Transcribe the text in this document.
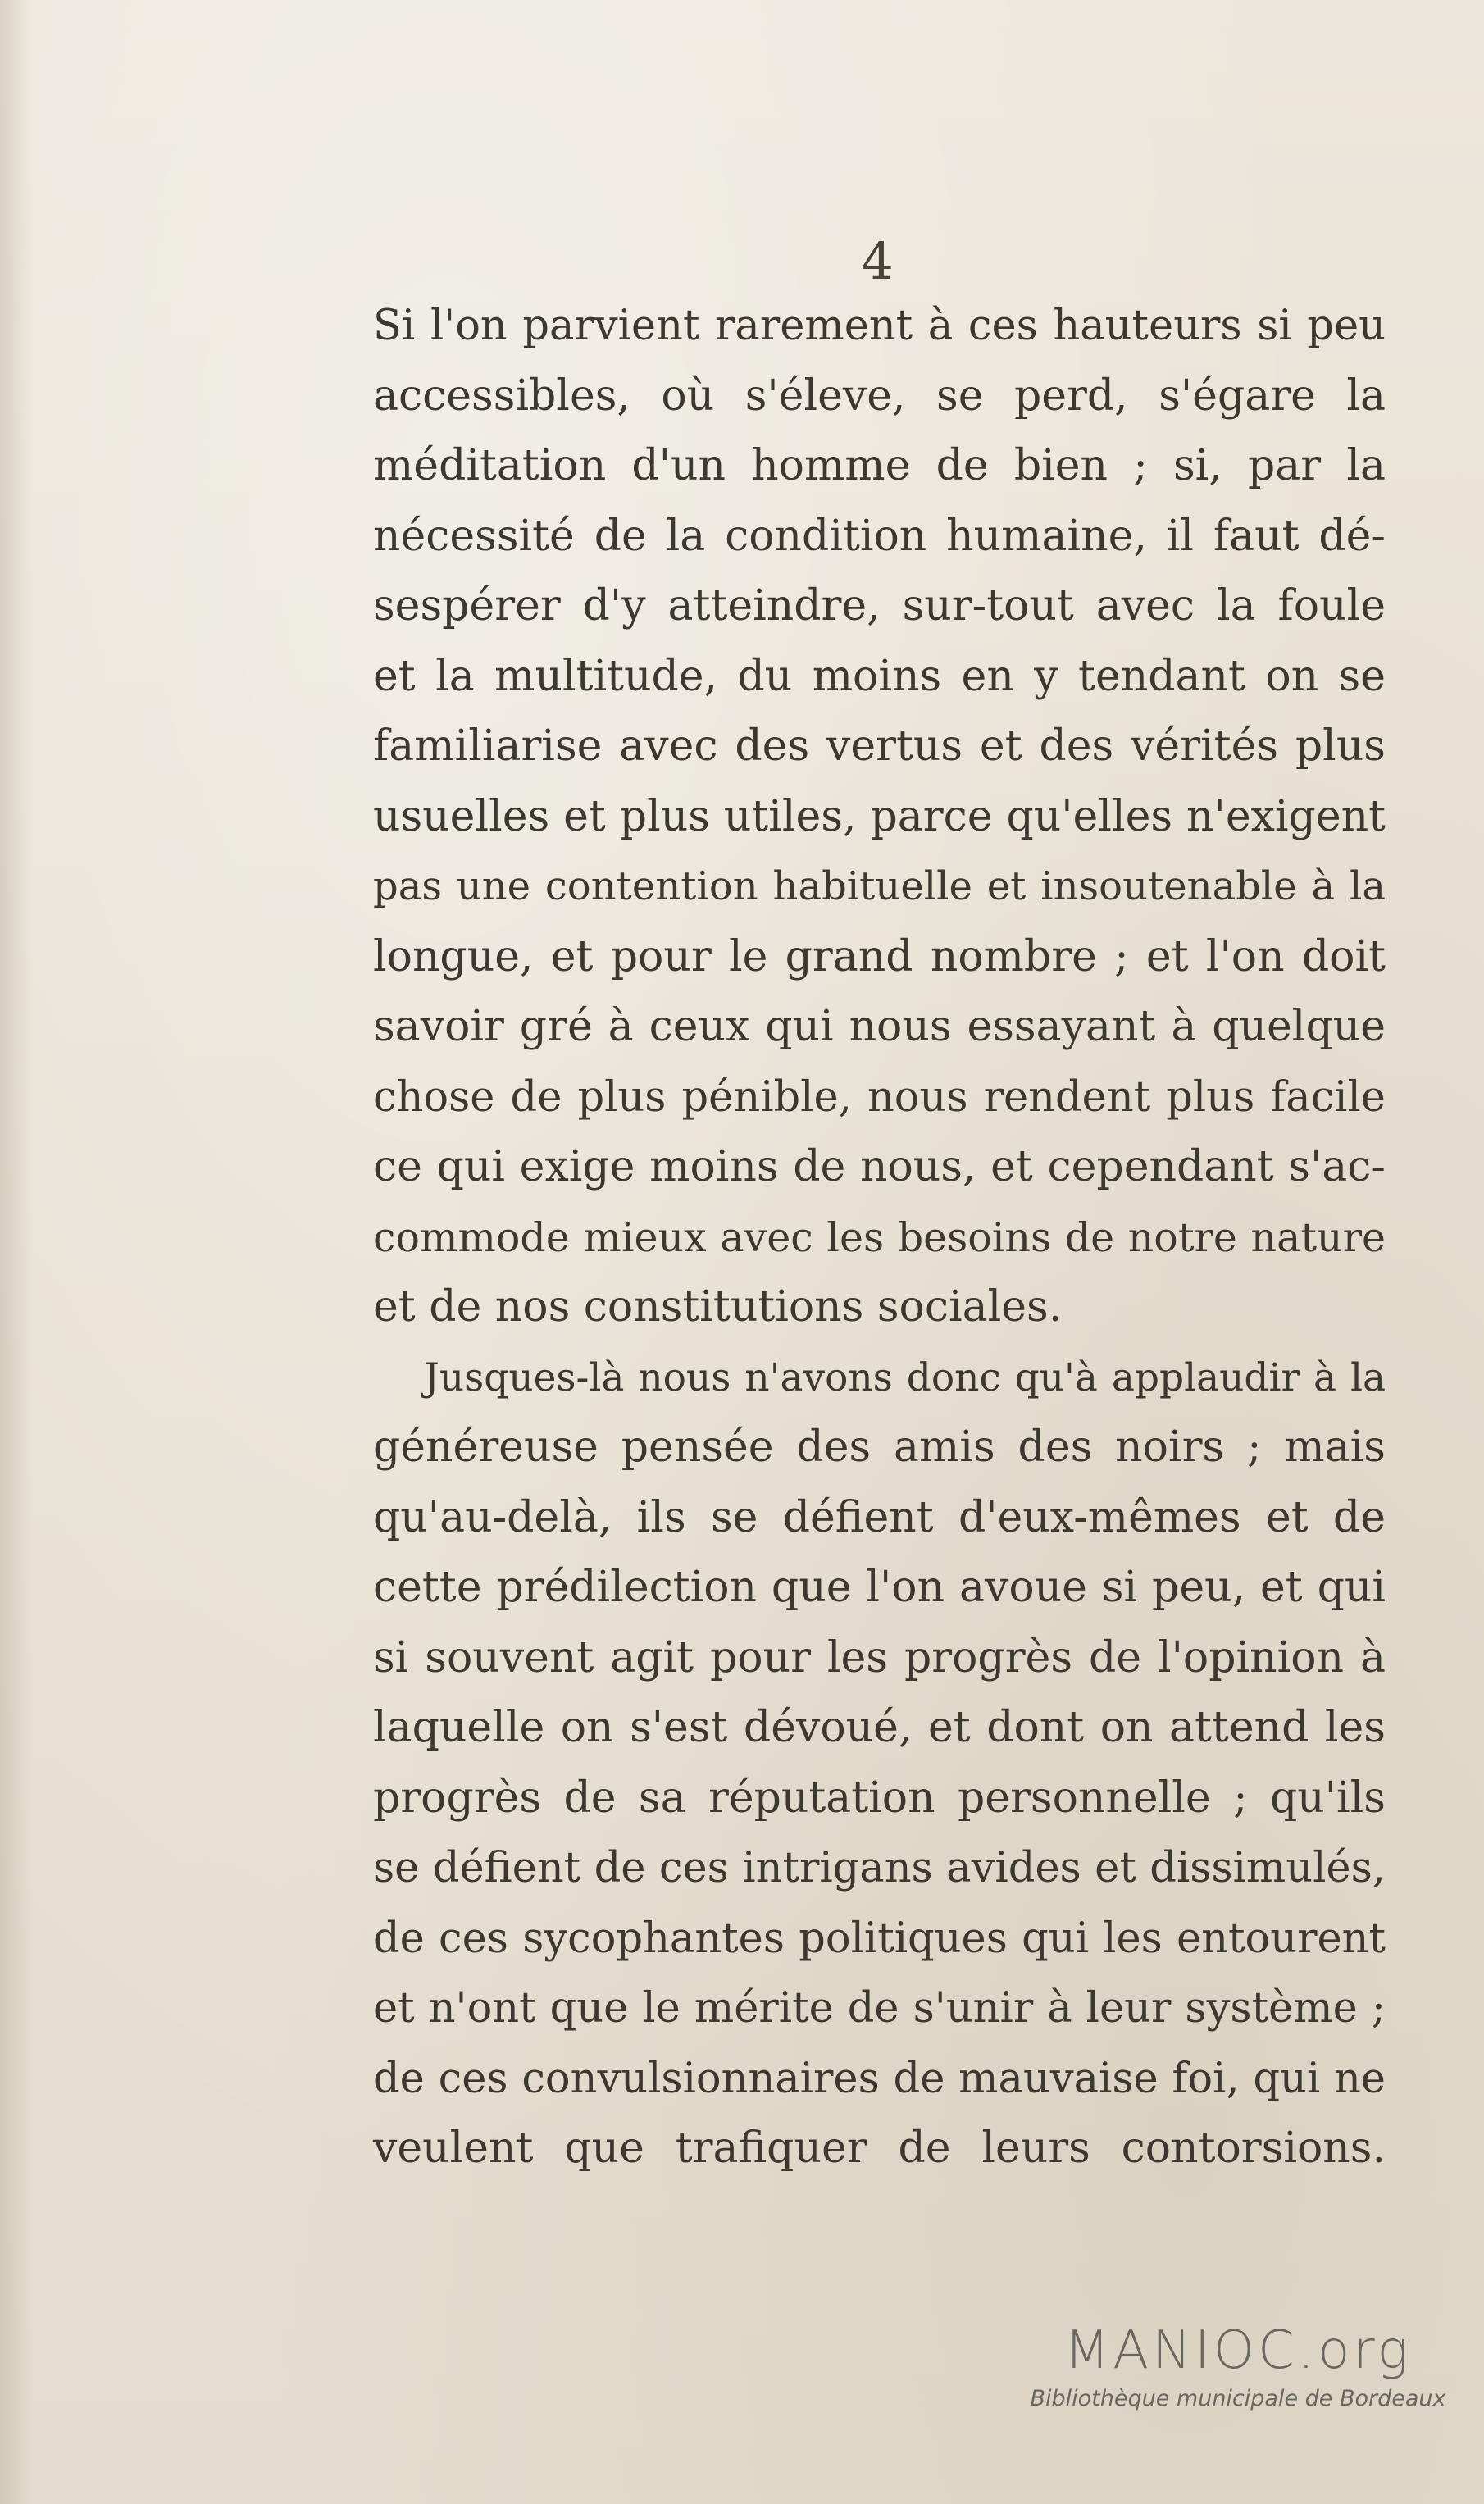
4
Si l'on parvient rarement à ces hauteurs si peu
accessibles, où s'éleve, se perd, s'égare la
méditation d'un homme de bien ; si, par la
nécessité de la condition humaine, il faut dé-
sespérer d'y atteindre, sur-tout avec la foule
et la multitude, du moins en y tendant on se
familiarise avec des vertus et des vérités plus
usuelles et plus utiles, parce qu'elles n'exigent
pas une contention habituelle et insoutenable à la
longue, et pour le grand nombre ; et l'on doit
savoir gré à ceux qui nous essayant à quelque
chose de plus pénible, nous rendent plus facile
ce qui exige moins de nous, et cependant s'ac-
commode mieux avec les besoins de notre nature
et de nos constitutions sociales.
Jusques-là nous n'avons donc qu'à applaudir à la
généreuse pensée des amis des noirs ; mais
qu'au-delà, ils se défient d'eux-mêmes et de
cette prédilection que l'on avoue si peu, et qui
si souvent agit pour les progrès de l'opinion à
laquelle on s'est dévoué, et dont on attend les
progrès de sa réputation personnelle ; qu'ils
se défient de ces intrigans avides et dissimulés,
de ces sycophantes politiques qui les entourent
et n'ont que le mérite de s'unir à leur système ;
de ces convulsionnaires de mauvaise foi, qui ne
veulent que trafiquer de leurs contorsions.
MANIOC.org
Bibliothèque municipale de Bordeaux
